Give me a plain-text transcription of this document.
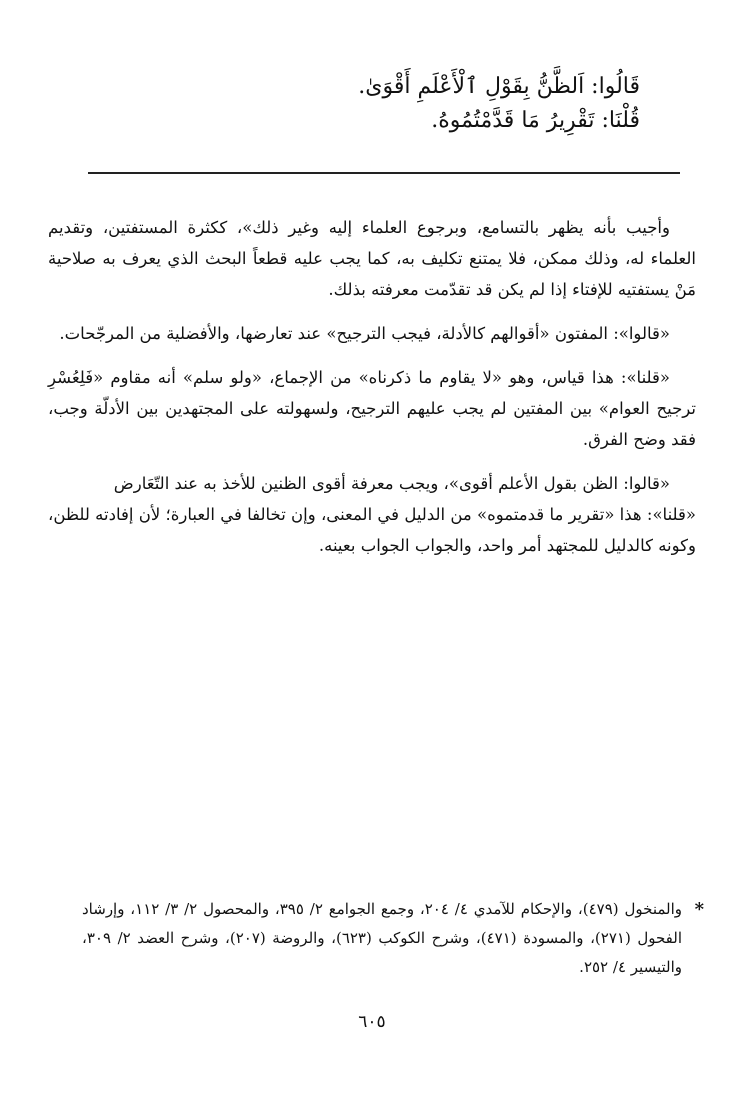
قَالُوا: اَلظَّنُّ بِقَوْلِ ٱلْأَعْلَمِ أَقْوَىٰ.
قُلْنَا: تَقْرِيرُ مَا قَدَّمْتُمُوهُ.

وأجيب بأنه يظهر بالتسامع، وبرجوع العلماء إليه وغير ذلك»، ككثرة المستفتين، وتقديم العلماء له، وذلك ممكن، فلا يمتنع تكليف به، كما يجب عليه قطعاً البحث الذي يعرف به صلاحية مَنْ يستفتيه للإفتاء إذا لم يكن قد تقدّمت معرفته بذلك.

«قالوا»: المفتون «أقوالهم كالأدلة، فيجب الترجيح» عند تعارضها، والأفضلية من المرجّحات.

«قلنا»: هذا قياس، وهو «لا يقاوم ما ذكرناه» من الإجماع، «ولو سلم» أنه مقاوم «فَلِعُسْرِ ترجيح العوام» بين المفتين لم يجب عليهم الترجيح، ولسهولته على المجتهدين بين الأدلّة وجب، فقد وضح الفرق.

«قالوا: الظن بقول الأعلم أقوى»، ويجب معرفة أقوى الظنين للأخذ به عند التّعَارض

«قلنا»: هذا «تقرير ما قدمتموه» من الدليل في المعنى، وإن تخالفا في العبارة؛ لأن إفادته للظن، وكونه كالدليل للمجتهد أمر واحد، والجواب الجواب بعينه.

*
والمنخول (٤٧٩)، والإحكام للآمدي ٤/ ٢٠٤، وجمع الجوامع ٢/ ٣٩٥، والمحصول ٢/ ٣/ ١١٢، وإرشاد الفحول (٢٧١)، والمسودة (٤٧١)، وشرح الكوكب (٦٢٣)، والروضة (٢٠٧)، وشرح العضد ٢/ ٣٠٩، والتيسير ٤/ ٢٥٢.
٦٠٥
